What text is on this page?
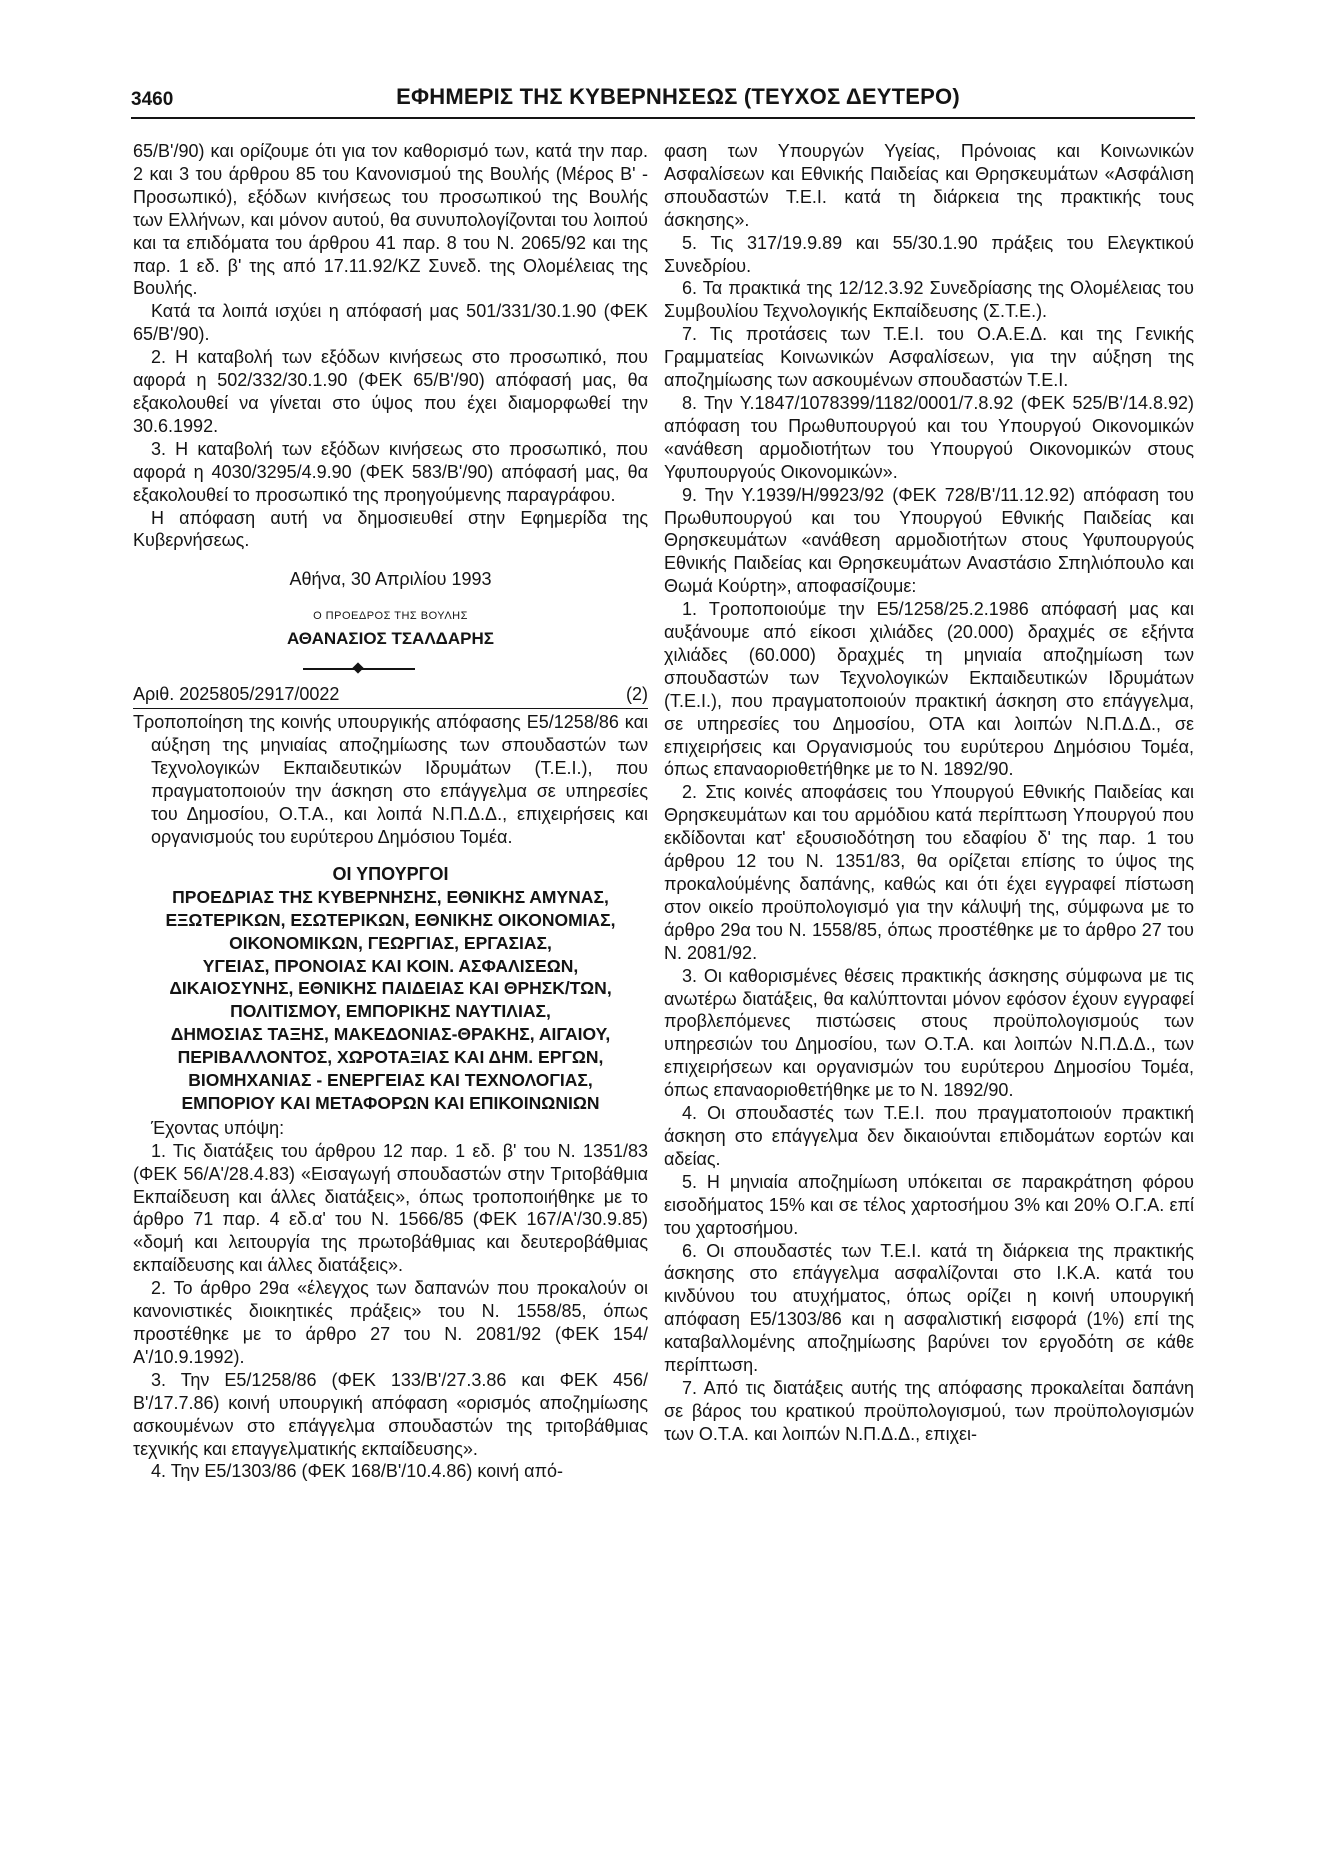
3460	ΕΦΗΜΕΡΙΣ ΤΗΣ ΚΥΒΕΡΝΗΣΕΩΣ (ΤΕΥΧΟΣ ΔΕΥΤΕΡΟ)

65/Β'/90) και ορίζουμε ότι για τον καθορισμό των, κατά την παρ. 2 και 3 του άρθρου 85 του Κανονισμού της Βουλής (Μέρος Β' - Προσωπικό), εξόδων κινήσεως του προσωπικού της Βουλής των Ελλήνων, και μόνον αυτού, θα συνυπολογίζονται του λοιπού και τα επιδόματα του άρθρου 41 παρ. 8 του Ν. 2065/92 και της παρ. 1 εδ. β' της από 17.11.92/ΚΖ Συνεδ. της Ολομέλειας της Βουλής.

Κατά τα λοιπά ισχύει η απόφασή μας 501/331/30.1.90 (ΦΕΚ 65/Β'/90).

2. Η καταβολή των εξόδων κινήσεως στο προσωπικό, που αφορά η 502/332/30.1.90 (ΦΕΚ 65/Β'/90) απόφασή μας, θα εξακολουθεί να γίνεται στο ύψος που έχει διαμορφωθεί την 30.6.1992.

3. Η καταβολή των εξόδων κινήσεως στο προσωπικό, που αφορά η 4030/3295/4.9.90 (ΦΕΚ 583/Β'/90) απόφασή μας, θα εξακολουθεί το προσωπικό της προηγούμενης παραγράφου.

Η απόφαση αυτή να δημοσιευθεί στην Εφημερίδα της Κυβερνήσεως.

Αθήνα, 30 Απριλίου 1993

Ο ΠΡΟΕΔΡΟΣ ΤΗΣ ΒΟΥΛΗΣ

ΑΘΑΝΑΣΙΟΣ ΤΣΑΛΔΑΡΗΣ

Αριθ. 2025805/2917/0022	(2)

Τροποποίηση της κοινής υπουργικής απόφασης Ε5/1258/86 και αύξηση της μηνιαίας αποζημίωσης των σπουδαστών των Τεχνολογικών Εκπαιδευτικών Ιδρυμάτων (Τ.Ε.Ι.), που πραγματοποιούν την άσκηση στο επάγγελμα σε υπηρεσίες του Δημοσίου, Ο.Τ.Α., και λοιπά Ν.Π.Δ.Δ., επιχειρήσεις και οργανισμούς του ευρύτερου Δημόσιου Τομέα.

ΟΙ ΥΠΟΥΡΓΟΙ
ΠΡΟΕΔΡΙΑΣ ΤΗΣ ΚΥΒΕΡΝΗΣΗΣ, ΕΘΝΙΚΗΣ ΑΜΥΝΑΣ,
ΕΞΩΤΕΡΙΚΩΝ, ΕΣΩΤΕΡΙΚΩΝ, ΕΘΝΙΚΗΣ ΟΙΚΟΝΟΜΙΑΣ,
ΟΙΚΟΝΟΜΙΚΩΝ, ΓΕΩΡΓΙΑΣ, ΕΡΓΑΣΙΑΣ,
ΥΓΕΙΑΣ, ΠΡΟΝΟΙΑΣ ΚΑΙ ΚΟΙΝ. ΑΣΦΑΛΙΣΕΩΝ,
ΔΙΚΑΙΟΣΥΝΗΣ, ΕΘΝΙΚΗΣ ΠΑΙΔΕΙΑΣ ΚΑΙ ΘΡΗΣΚ/ΤΩΝ,
ΠΟΛΙΤΙΣΜΟΥ, ΕΜΠΟΡΙΚΗΣ ΝΑΥΤΙΛΙΑΣ,
ΔΗΜΟΣΙΑΣ ΤΑΞΗΣ, ΜΑΚΕΔΟΝΙΑΣ-ΘΡΑΚΗΣ, ΑΙΓΑΙΟΥ,
ΠΕΡΙΒΑΛΛΟΝΤΟΣ, ΧΩΡΟΤΑΞΙΑΣ ΚΑΙ ΔΗΜ. ΕΡΓΩΝ,
ΒΙΟΜΗΧΑΝΙΑΣ - ΕΝΕΡΓΕΙΑΣ ΚΑΙ ΤΕΧΝΟΛΟΓΙΑΣ,
ΕΜΠΟΡΙΟΥ ΚΑΙ ΜΕΤΑΦΟΡΩΝ ΚΑΙ ΕΠΙΚΟΙΝΩΝΙΩΝ

Έχοντας υπόψη:

1. Τις διατάξεις του άρθρου 12 παρ. 1 εδ. β' του Ν. 1351/83 (ΦΕΚ 56/Α'/28.4.83) «Εισαγωγή σπουδαστών στην Τριτοβάθμια Εκπαίδευση και άλλες διατάξεις», όπως τροποποιήθηκε με το άρθρο 71 παρ. 4 εδ.α' του Ν. 1566/85 (ΦΕΚ 167/Α'/30.9.85) «δομή και λειτουργία της πρωτοβάθμιας και δευτεροβάθμιας εκπαίδευσης και άλλες διατάξεις».

2. Το άρθρο 29α «έλεγχος των δαπανών που προκαλούν οι κανονιστικές διοικητικές πράξεις» του Ν. 1558/85, όπως προστέθηκε με το άρθρο 27 του Ν. 2081/92 (ΦΕΚ 154/Α'/10.9.1992).

3. Την Ε5/1258/86 (ΦΕΚ 133/Β'/27.3.86 και ΦΕΚ 456/Β'/17.7.86) κοινή υπουργική απόφαση «ορισμός αποζημίωσης ασκουμένων στο επάγγελμα σπουδαστών της τριτοβάθμιας τεχνικής και επαγγελματικής εκπαίδευσης».

4. Την Ε5/1303/86 (ΦΕΚ 168/Β'/10.4.86) κοινή από-

φαση των Υπουργών Υγείας, Πρόνοιας και Κοινωνικών Ασφαλίσεων και Εθνικής Παιδείας και Θρησκευμάτων «Ασφάλιση σπουδαστών Τ.Ε.Ι. κατά τη διάρκεια της πρακτικής τους άσκησης».

5. Τις 317/19.9.89 και 55/30.1.90 πράξεις του Ελεγκτικού Συνεδρίου.

6. Τα πρακτικά της 12/12.3.92 Συνεδρίασης της Ολομέλειας του Συμβουλίου Τεχνολογικής Εκπαίδευσης (Σ.Τ.Ε.).

7. Τις προτάσεις των Τ.Ε.Ι. του Ο.Α.Ε.Δ. και της Γενικής Γραμματείας Κοινωνικών Ασφαλίσεων, για την αύξηση της αποζημίωσης των ασκουμένων σπουδαστών Τ.Ε.Ι.

8. Την Υ.1847/1078399/1182/0001/7.8.92 (ΦΕΚ 525/Β'/14.8.92) απόφαση του Πρωθυπουργού και του Υπουργού Οικονομικών «ανάθεση αρμοδιοτήτων του Υπουργού Οικονομικών στους Υφυπουργούς Οικονομικών».

9. Την Υ.1939/Η/9923/92 (ΦΕΚ 728/Β'/11.12.92) απόφαση του Πρωθυπουργού και του Υπουργού Εθνικής Παιδείας και Θρησκευμάτων «ανάθεση αρμοδιοτήτων στους Υφυπουργούς Εθνικής Παιδείας και Θρησκευμάτων Αναστάσιο Σπηλιόπουλο και Θωμά Κούρτη», αποφασίζουμε:

1. Τροποποιούμε την Ε5/1258/25.2.1986 απόφασή μας και αυξάνουμε από είκοσι χιλιάδες (20.000) δραχμές σε εξήντα χιλιάδες (60.000) δραχμές τη μηνιαία αποζημίωση των σπουδαστών των Τεχνολογικών Εκπαιδευτικών Ιδρυμάτων (Τ.Ε.Ι.), που πραγματοποιούν πρακτική άσκηση στο επάγγελμα, σε υπηρεσίες του Δημοσίου, ΟΤΑ και λοιπών Ν.Π.Δ.Δ., σε επιχειρήσεις και Οργανισμούς του ευρύτερου Δημόσιου Τομέα, όπως επαναοριοθετήθηκε με το Ν. 1892/90.

2. Στις κοινές αποφάσεις του Υπουργού Εθνικής Παιδείας και Θρησκευμάτων και του αρμόδιου κατά περίπτωση Υπουργού που εκδίδονται κατ' εξουσιοδότηση του εδαφίου δ' της παρ. 1 του άρθρου 12 του Ν. 1351/83, θα ορίζεται επίσης το ύψος της προκαλούμένης δαπάνης, καθώς και ότι έχει εγγραφεί πίστωση στον οικείο προϋπολογισμό για την κάλυψή της, σύμφωνα με το άρθρο 29α του Ν. 1558/85, όπως προστέθηκε με το άρθρο 27 του Ν. 2081/92.

3. Οι καθορισμένες θέσεις πρακτικής άσκησης σύμφωνα με τις ανωτέρω διατάξεις, θα καλύπτονται μόνον εφόσον έχουν εγγραφεί προβλεπόμενες πιστώσεις στους προϋπολογισμούς των υπηρεσιών του Δημοσίου, των Ο.Τ.Α. και λοιπών Ν.Π.Δ.Δ., των επιχειρήσεων και οργανισμών του ευρύτερου Δημοσίου Τομέα, όπως επαναοριοθετήθηκε με το Ν. 1892/90.

4. Οι σπουδαστές των Τ.Ε.Ι. που πραγματοποιούν πρακτική άσκηση στο επάγγελμα δεν δικαιούνται επιδομάτων εορτών και αδείας.

5. Η μηνιαία αποζημίωση υπόκειται σε παρακράτηση φόρου εισοδήματος 15% και σε τέλος χαρτοσήμου 3% και 20% Ο.Γ.Α. επί του χαρτοσήμου.

6. Οι σπουδαστές των Τ.Ε.Ι. κατά τη διάρκεια της πρακτικής άσκησης στο επάγγελμα ασφαλίζονται στο Ι.Κ.Α. κατά του κινδύνου του ατυχήματος, όπως ορίζει η κοινή υπουργική απόφαση Ε5/1303/86 και η ασφαλιστική εισφορά (1%) επί της καταβαλλομένης αποζημίωσης βαρύνει τον εργοδότη σε κάθε περίπτωση.

7. Από τις διατάξεις αυτής της απόφασης προκαλείται δαπάνη σε βάρος του κρατικού προϋπολογισμού, των προϋπολογισμών των Ο.Τ.Α. και λοιπών Ν.Π.Δ.Δ., επιχει-
